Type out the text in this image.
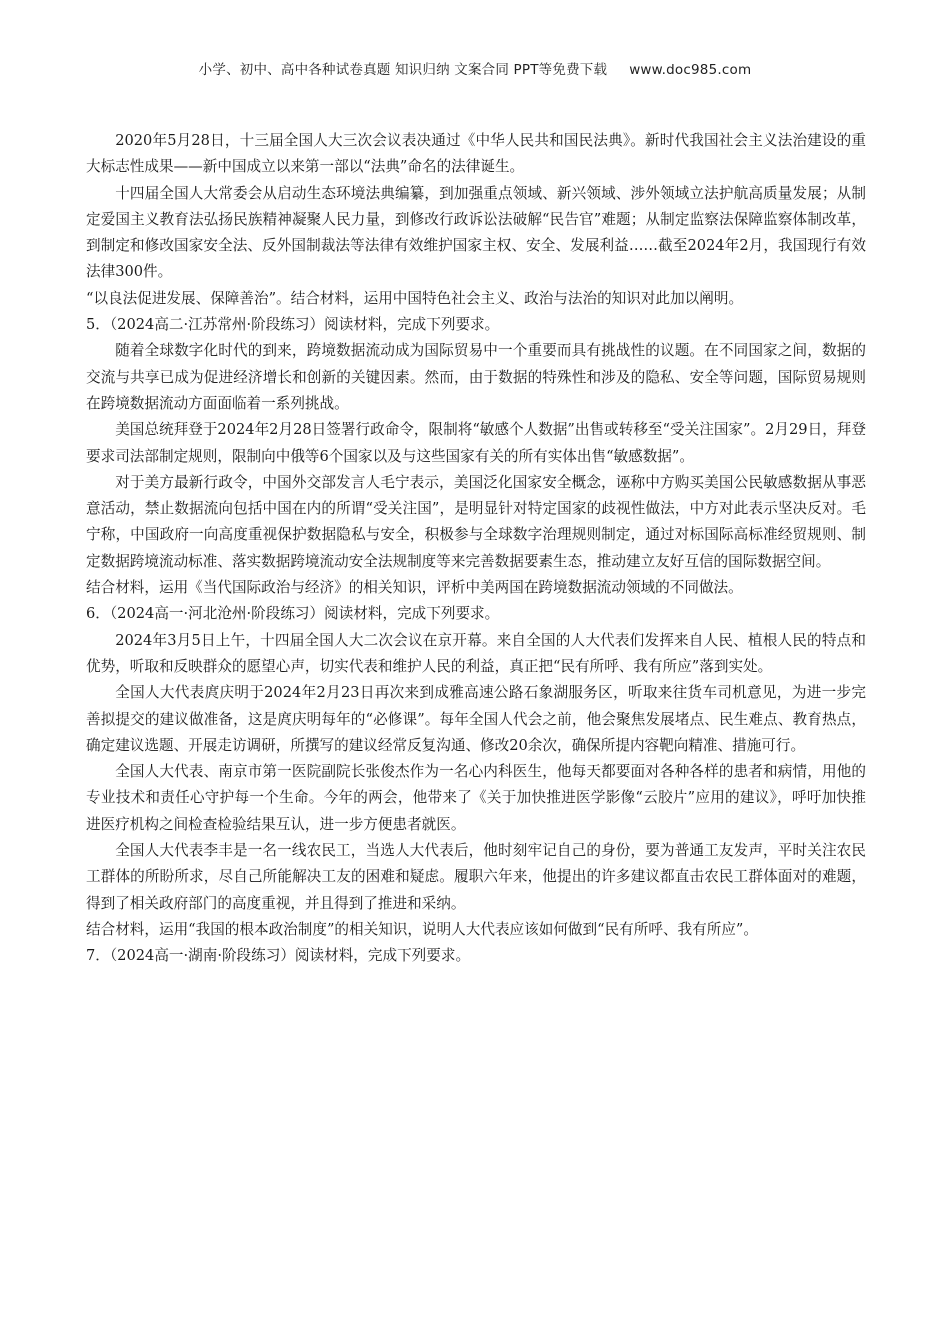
小学、初中、高中各种试卷真题 知识归纳 文案合同 PPT等免费下载 www.doc985.com

2020年5月28日，十三届全国人大三次会议表决通过《中华人民共和国民法典》。新时代我国社会主义法治建设的重大标志性成果——新中国成立以来第一部以“法典”命名的法律诞生。

十四届全国人大常委会从启动生态环境法典编纂，到加强重点领域、新兴领域、涉外领域立法护航高质量发展；从制定爱国主义教育法弘扬民族精神凝聚人民力量，到修改行政诉讼法破解“民告官”难题；从制定监察法保障监察体制改革，到制定和修改国家安全法、反外国制裁法等法律有效维护国家主权、安全、发展利益……截至2024年2月，我国现行有效法律300件。

“以良法促进发展、保障善治”。结合材料，运用中国特色社会主义、政治与法治的知识对此加以阐明。

5．（2024高二·江苏常州·阶段练习）阅读材料，完成下列要求。

随着全球数字化时代的到来，跨境数据流动成为国际贸易中一个重要而具有挑战性的议题。在不同国家之间，数据的交流与共享已成为促进经济增长和创新的关键因素。然而，由于数据的特殊性和涉及的隐私、安全等问题，国际贸易规则在跨境数据流动方面面临着一系列挑战。

美国总统拜登于2024年2月28日签署行政命令，限制将“敏感个人数据”出售或转移至“受关注国家”。2月29日，拜登要求司法部制定规则，限制向中俄等6个国家以及与这些国家有关的所有实体出售“敏感数据”。

对于美方最新行政令，中国外交部发言人毛宁表示，美国泛化国家安全概念，诬称中方购买美国公民敏感数据从事恶意活动，禁止数据流向包括中国在内的所谓“受关注国”，是明显针对特定国家的歧视性做法，中方对此表示坚决反对。毛宁称，中国政府一向高度重视保护数据隐私与安全，积极参与全球数字治理规则制定，通过对标国际高标准经贸规则、制定数据跨境流动标准、落实数据跨境流动安全法规制度等来完善数据要素生态，推动建立友好互信的国际数据空间。

结合材料，运用《当代国际政治与经济》的相关知识，评析中美两国在跨境数据流动领域的不同做法。

6．（2024高一·河北沧州·阶段练习）阅读材料，完成下列要求。

2024年3月5日上午，十四届全国人大二次会议在京开幕。来自全国的人大代表们发挥来自人民、植根人民的特点和优势，听取和反映群众的愿望心声，切实代表和维护人民的利益，真正把“民有所呼、我有所应”落到实处。

全国人大代表庹庆明于2024年2月23日再次来到成雅高速公路石象湖服务区，听取来往货车司机意见，为进一步完善拟提交的建议做准备，这是庹庆明每年的“必修课”。每年全国人代会之前，他会聚焦发展堵点、民生难点、教育热点，确定建议选题、开展走访调研，所撰写的建议经常反复沟通、修改20余次，确保所提内容靶向精准、措施可行。

全国人大代表、南京市第一医院副院长张俊杰作为一名心内科医生，他每天都要面对各种各样的患者和病情，用他的专业技术和责任心守护每一个生命。今年的两会，他带来了《关于加快推进医学影像“云胶片”应用的建议》，呼吁加快推进医疗机构之间检查检验结果互认，进一步方便患者就医。

全国人大代表李丰是一名一线农民工，当选人大代表后，他时刻牢记自己的身份，要为普通工友发声，平时关注农民工群体的所盼所求，尽自己所能解决工友的困难和疑虑。履职六年来，他提出的许多建议都直击农民工群体面对的难题，得到了相关政府部门的高度重视，并且得到了推进和采纳。

结合材料，运用“我国的根本政治制度”的相关知识，说明人大代表应该如何做到“民有所呼、我有所应”。

7．（2024高一·湖南·阶段练习）阅读材料，完成下列要求。
